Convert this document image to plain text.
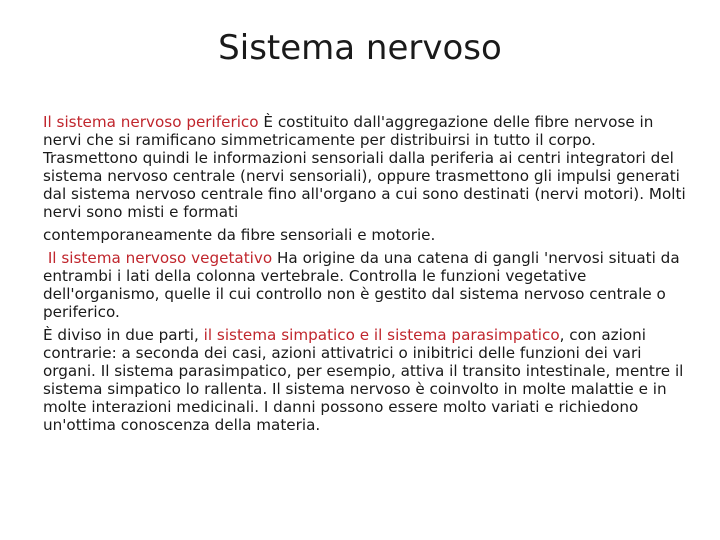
Sistema nervoso

Il sistema nervoso periferico È costituito dall'aggregazione delle fibre nervose in nervi che si ramificano simmetricamente per distribuirsi in tutto il corpo. Trasmettono quindi le informazioni sensoriali dalla periferia ai centri integratori del sistema nervoso centrale (nervi sensoriali), oppure trasmettono gli impulsi generati dal sistema nervoso centrale fino all'organo a cui sono destinati (nervi motori). Molti nervi sono misti e formati

contemporaneamente da fibre sensoriali e motorie.

Il sistema nervoso vegetativo Ha origine da una catena di gangli 'nervosi situati da entrambi i lati della colonna vertebrale. Controlla le funzioni vegetative dell'organismo, quelle il cui controllo non è gestito dal sistema nervoso centrale o periferico.

È diviso in due parti, il sistema simpatico e il sistema parasimpatico, con azioni contrarie: a seconda dei casi, azioni attivatrici o inibitrici delle funzioni dei vari organi. Il sistema parasimpatico, per esempio, attiva il transito intestinale, mentre il sistema simpatico lo rallenta. Il sistema nervoso è coinvolto in molte malattie e in molte interazioni medicinali. I danni possono essere molto variati e richiedono un'ottima conoscenza della materia.
